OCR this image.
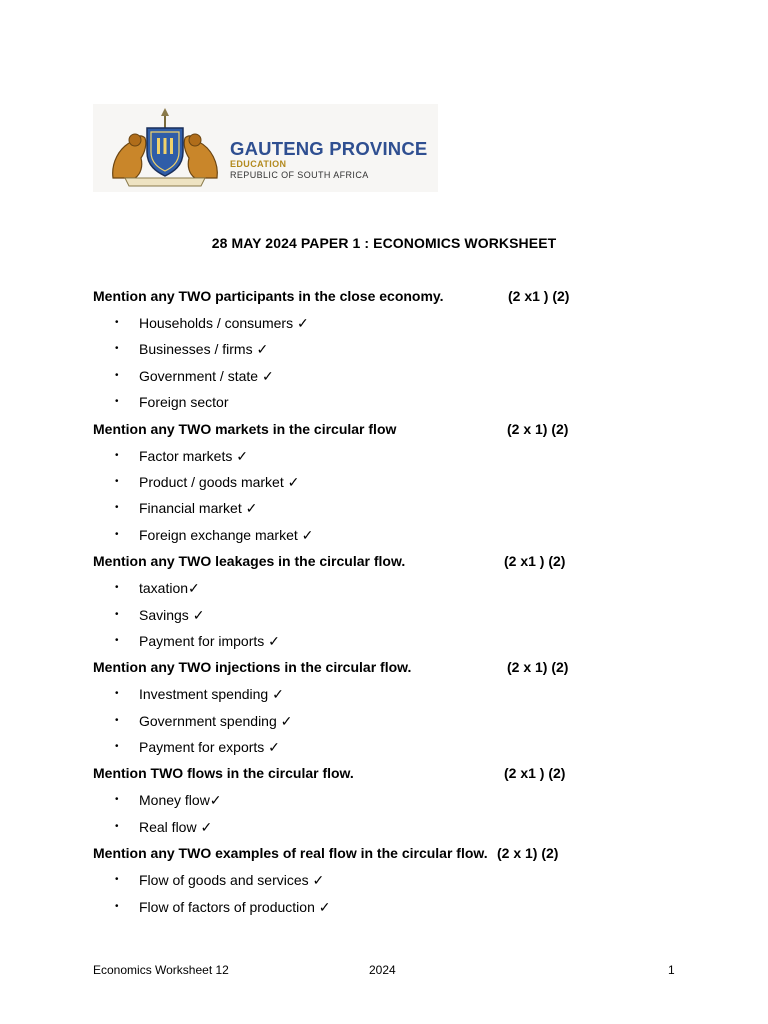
GAUTENG PROVINCE
EDUCATION
REPUBLIC OF SOUTH AFRICA
28 MAY 2024 PAPER 1 : ECONOMICS WORKSHEET
Mention any TWO participants in the close economy.	(2 x1 ) (2)
• Households / consumers ✓
• Businesses / firms ✓
• Government / state ✓
• Foreign sector
Mention any TWO markets in the circular flow	(2 x 1) (2)
• Factor markets ✓
• Product / goods market ✓
• Financial market ✓
• Foreign exchange market ✓
Mention any TWO leakages in the circular flow.	(2 x1 ) (2)
• taxation✓
• Savings ✓
• Payment for imports ✓
Mention any TWO injections in the circular flow.	(2 x 1) (2)
• Investment spending ✓
• Government spending ✓
• Payment for exports ✓
Mention TWO flows in the circular flow.	(2 x1 ) (2)
• Money flow✓
• Real flow ✓
Mention any TWO examples of real flow in the circular flow. (2 x 1) (2)
• Flow of goods and services ✓
• Flow of factors of production ✓
Economics Worksheet 12	2024	1
